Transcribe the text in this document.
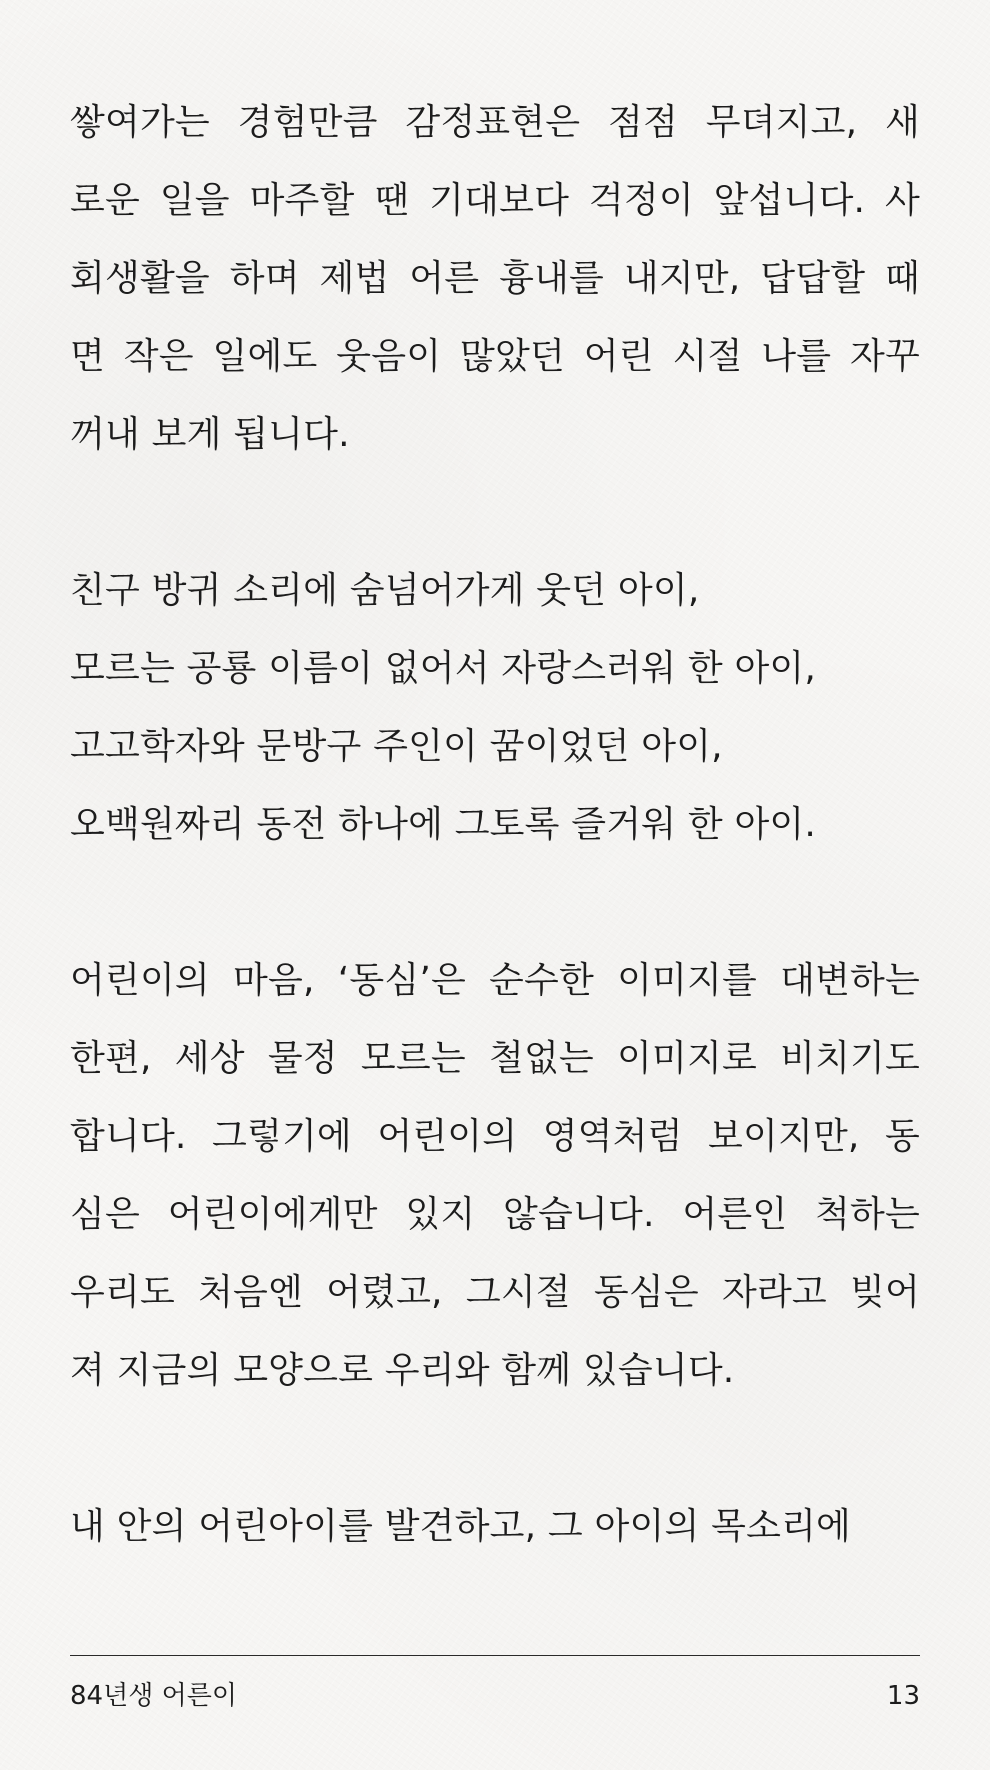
쌓여가는 경험만큼 감정표현은 점점 무뎌지고, 새
로운 일을 마주할 땐 기대보다 걱정이 앞섭니다. 사
회생활을 하며 제법 어른 흉내를 내지만, 답답할 때
면 작은 일에도 웃음이 많았던 어린 시절 나를 자꾸
꺼내 보게 됩니다.

친구 방귀 소리에 숨넘어가게 웃던 아이,
모르는 공룡 이름이 없어서 자랑스러워 한 아이,
고고학자와 문방구 주인이 꿈이었던 아이,
오백원짜리 동전 하나에 그토록 즐거워 한 아이.

어린이의 마음, ‘동심’은 순수한 이미지를 대변하는
한편, 세상 물정 모르는 철없는 이미지로 비치기도
합니다. 그렇기에 어린이의 영역처럼 보이지만, 동
심은 어린이에게만 있지 않습니다. 어른인 척하는
우리도 처음엔 어렸고, 그시절 동심은 자라고 빚어
져 지금의 모양으로 우리와 함께 있습니다.

내 안의 어린아이를 발견하고, 그 아이의 목소리에

84년생 어른이	13
